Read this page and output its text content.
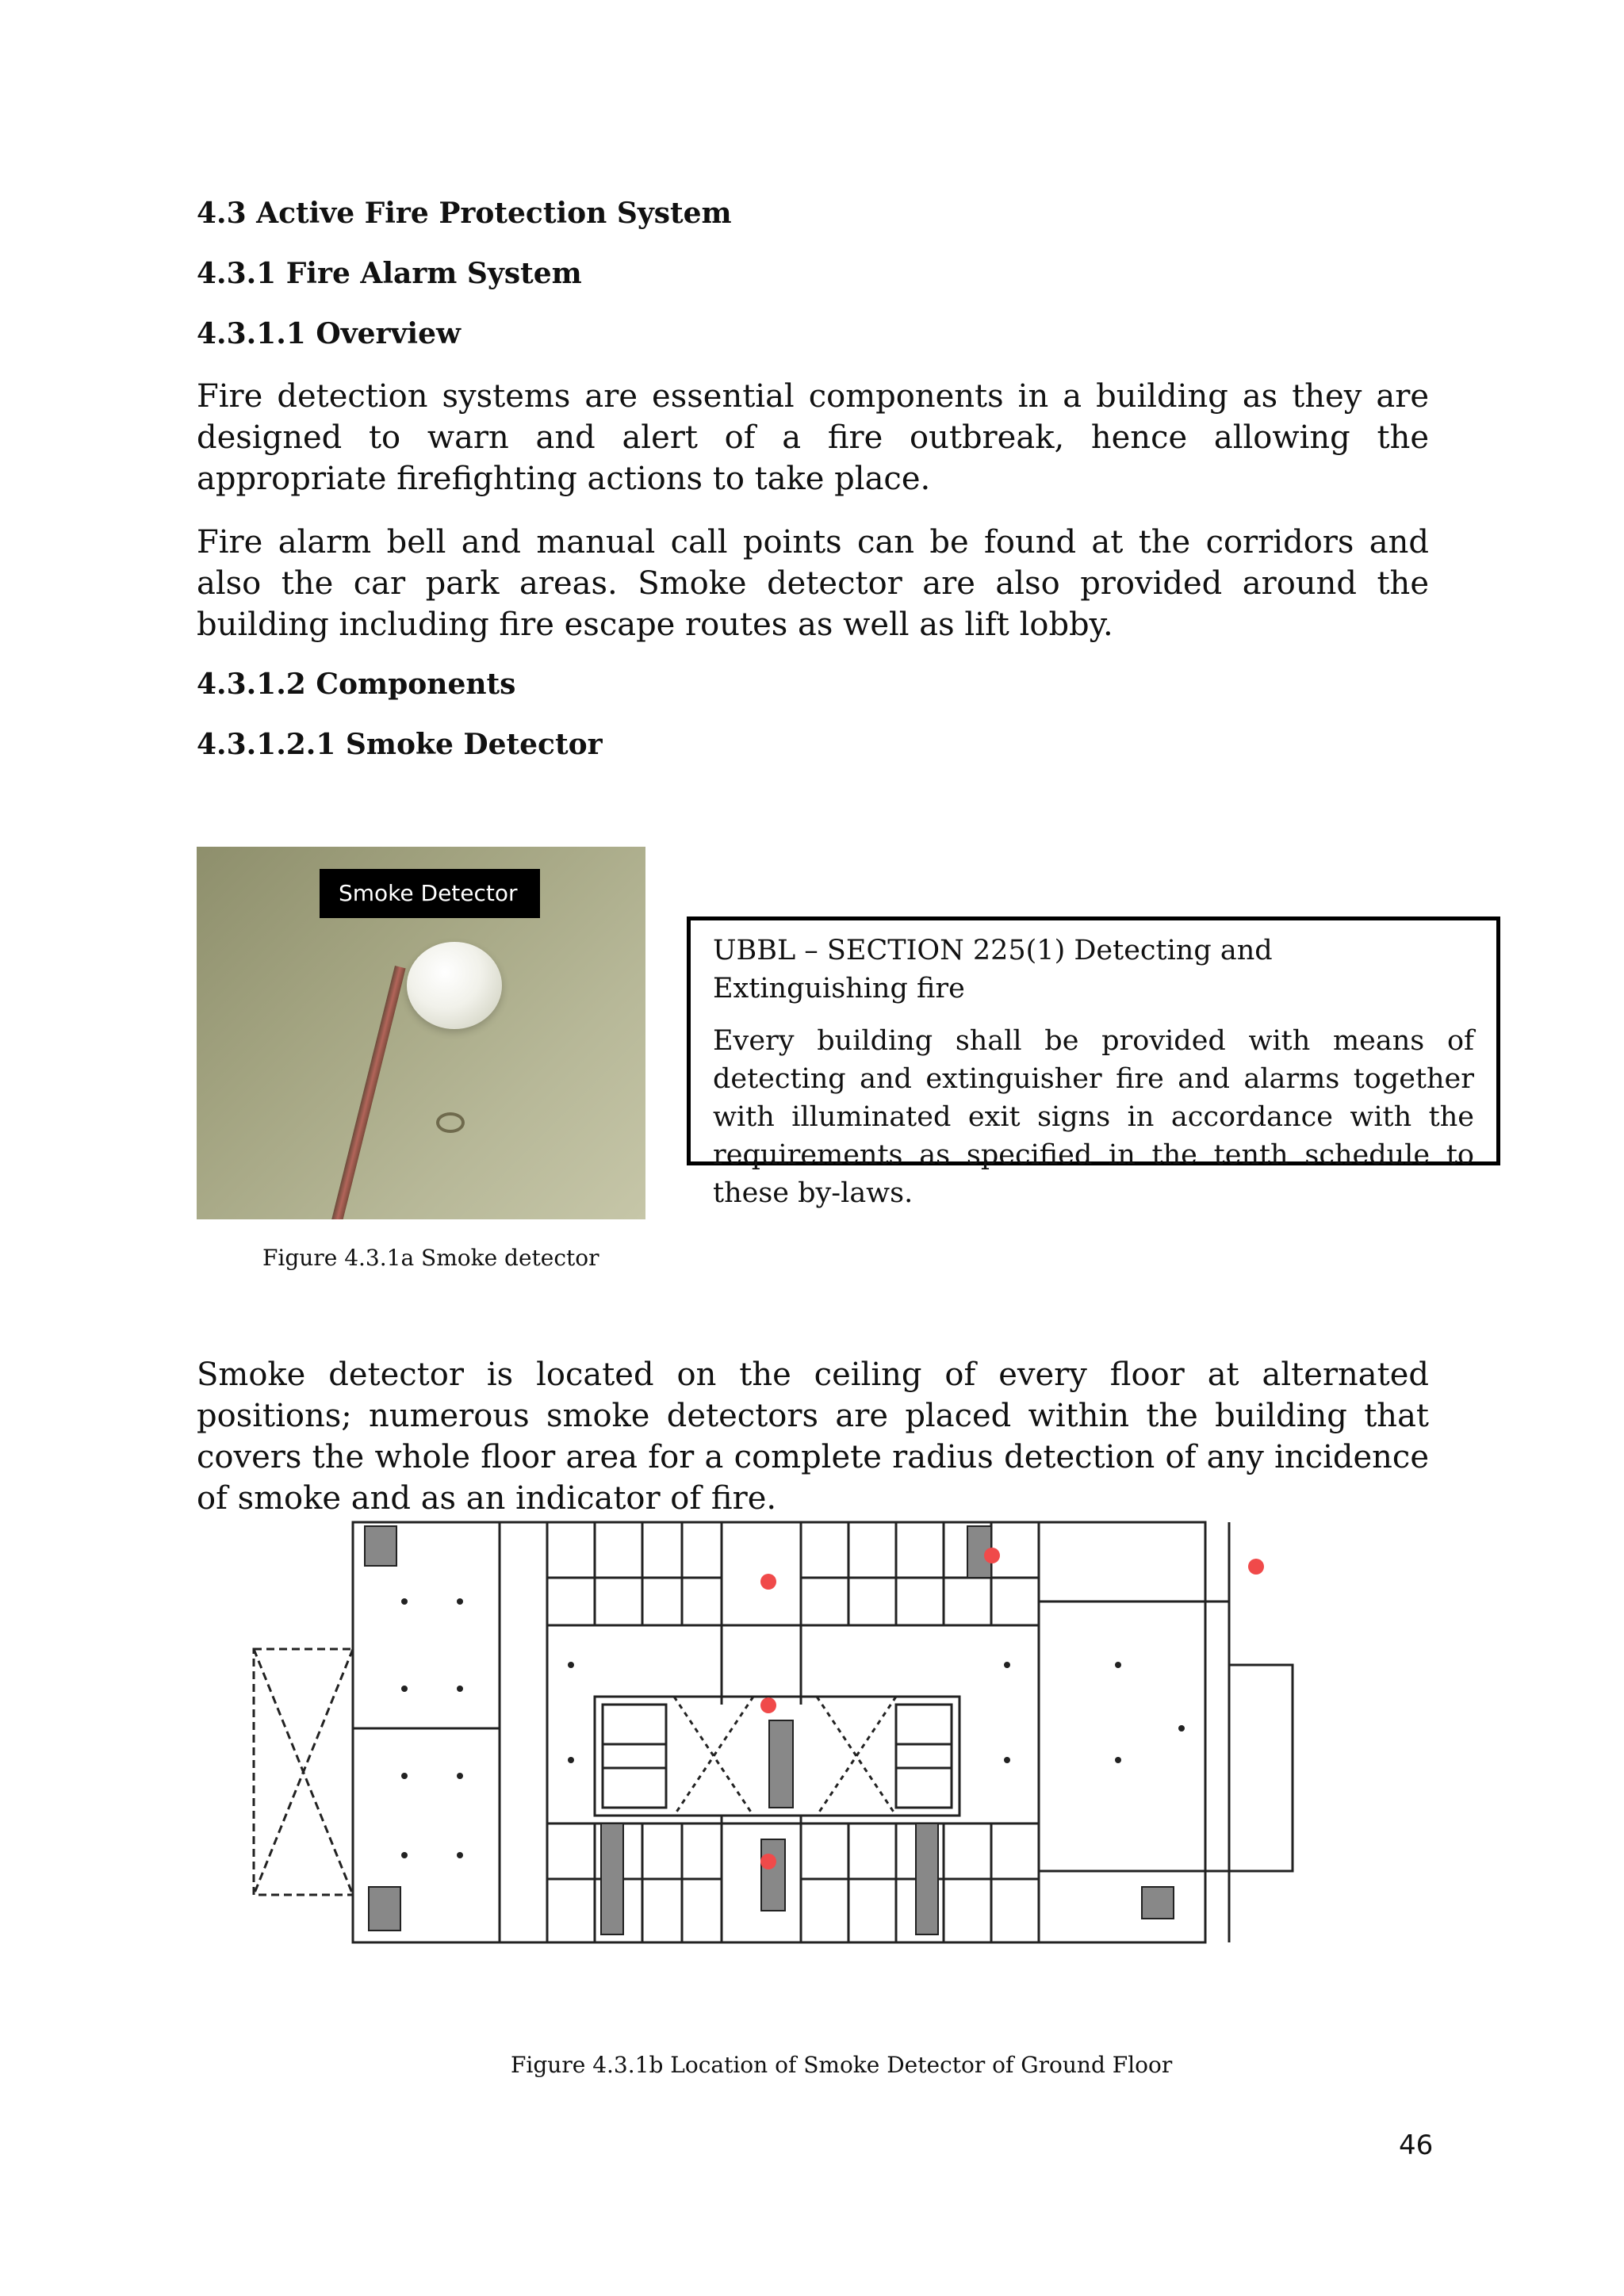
4.3 Active Fire Protection System
4.3.1 Fire Alarm System
4.3.1.1 Overview
Fire detection systems are essential components in a building as they are designed to warn and alert of a fire outbreak, hence allowing the appropriate firefighting actions to take place.
Fire alarm bell and manual call points can be found at the corridors and also the car park areas. Smoke detector are also provided around the building including fire escape routes as well as lift lobby.
4.3.1.2 Components
4.3.1.2.1 Smoke Detector
Smoke Detector
UBBL – SECTION 225(1) Detecting and Extinguishing fire
Every building shall be provided with means of detecting and extinguisher fire and alarms together with illuminated exit signs in accordance with the requirements as specified in the tenth schedule to these by-laws.
Figure 4.3.1a Smoke detector
Smoke detector is located on the ceiling of every floor at alternated positions; numerous smoke detectors are placed within the building that covers the whole floor area for a complete radius detection of any incidence of smoke and as an indicator of fire.
Figure 4.3.1b Location of Smoke Detector of Ground Floor
46
